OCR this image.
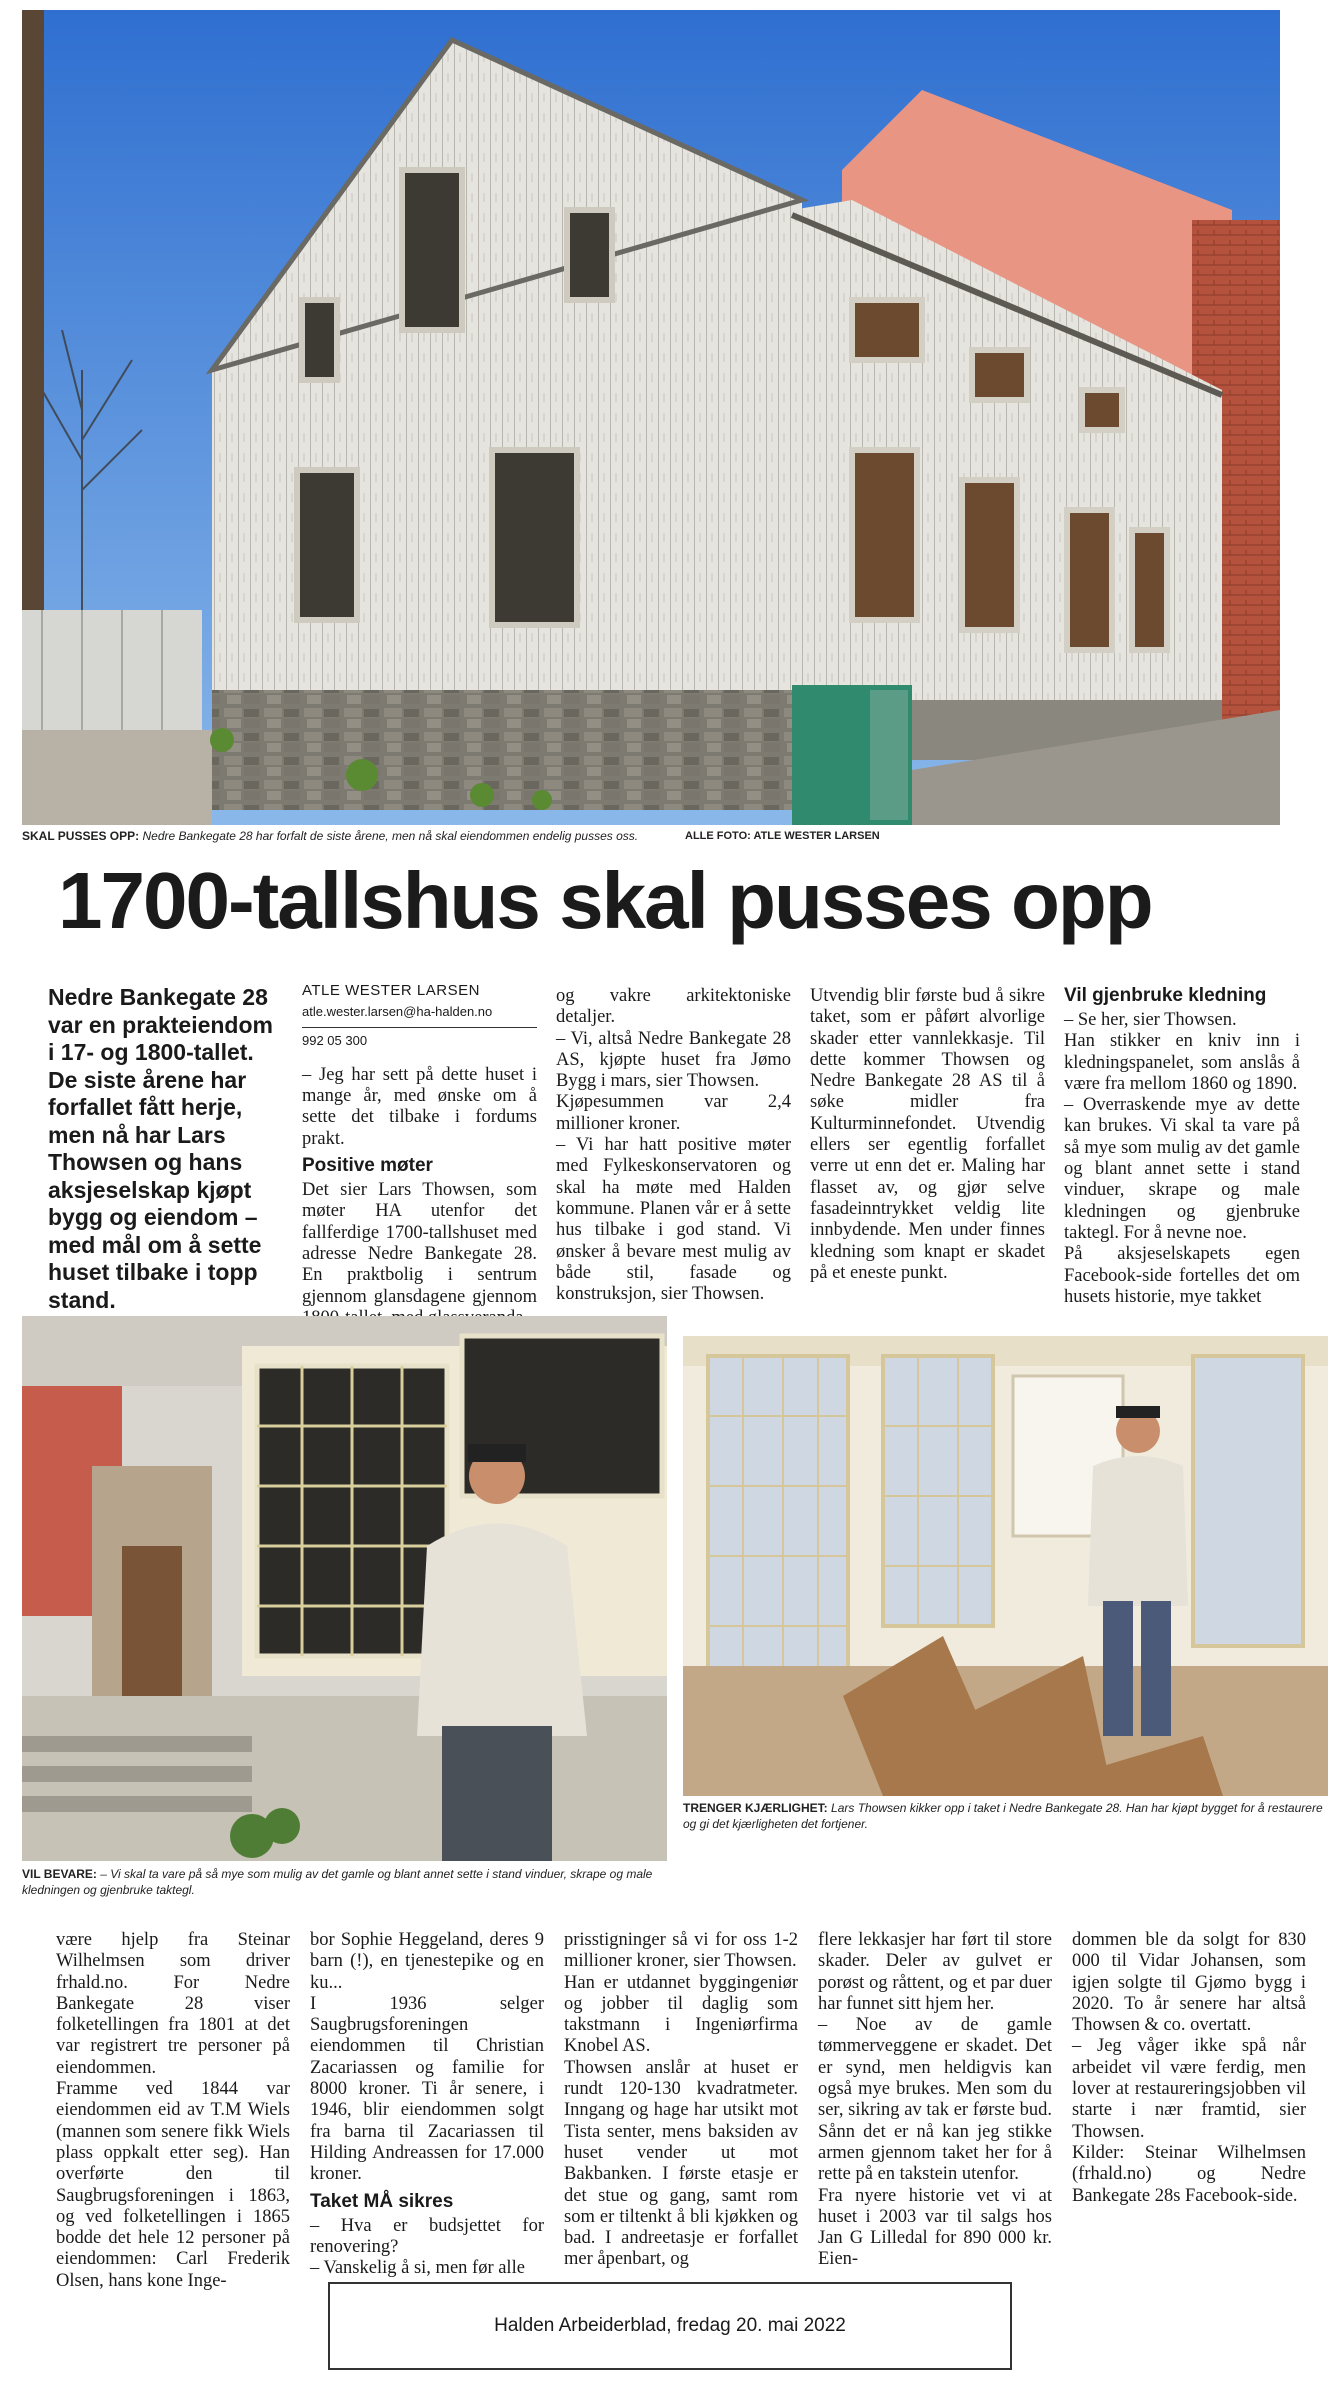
SKAL PUSSES OPP: Nedre Bankegate 28 har forfalt de siste årene, men nå skal eiendommen endelig pusses oss.	ALLE FOTO: ATLE WESTER LARSEN
1700-tallshus skal pusses opp
Nedre Bankegate 28 var en prakteiendom i 17- og 1800-tallet. De siste årene har forfallet fått herje, men nå har Lars Thowsen og hans aksjeselskap kjøpt bygg og eiendom – med mål om å sette huset tilbake i topp stand.
ATLE WESTER LARSEN
atle.wester.larsen@ha-halden.no
992 05 300

– Jeg har sett på dette huset i mange år, med ønske om å sette det tilbake i fordums prakt.

Positive møter

Det sier Lars Thowsen, som møter HA utenfor det fallferdige 1700-tallshuset med adresse Nedre Bankegate 28. En praktbolig i sentrum gjennom glansdagene gjennom

og vakre arkitektoniske detaljer.

– Vi, altså Nedre Bankegate 28 AS, kjøpte huset fra Jømo Bygg i mars, sier Thowsen.

Kjøpesummen var 2,4 millioner kroner.

– Vi har hatt positive møter med Fylkeskonservatoren og skal ha møte med Halden kommune. Planen vår er å sette hus tilbake i god stand. Vi ønsker å bevare mest mulig av både stil, fasade og konstruksjon, sier Thowsen.

Utvendig blir første bud å sikre taket, som er påført alvorlige skader etter vannlekkasje. Til dette kommer Thowsen og Nedre Bankegate 28 AS til å søke midler fra Kulturminnefondet. Utvendig ellers ser egentlig forfallet verre ut enn det er. Maling har flasset av, og gjør selve fasadeinntrykket veldig lite innbydende. Men under finnes kledning som knapt er skadet på et eneste punkt.

Vil gjenbruke kledning

– Se her, sier Thowsen.

Han stikker en kniv inn i kledningspanelet, som anslås å være fra mellom 1860 og 1890.

– Overraskende mye av dette kan brukes. Vi skal ta vare på så mye som mulig av det gamle og blant annet sette i stand vinduer, skrape og male kledningen og gjenbruke taktegl. For å nevne noe.

På aksjeselskapets egen Facebook-side fortelles det om husets historie, mye takket

VIL BEVARE: – Vi skal ta vare på så mye som mulig av det gamle og blant annet sette i stand vinduer, skrape og male kledningen og gjenbruke taktegl.
TRENGER KJÆRLIGHET: Lars Thowsen kikker opp i taket i Nedre Bankegate 28. Han har kjøpt bygget for å restaurere og gi det kjærligheten det fortjener.

være hjelp fra Steinar Wilhelmsen som driver frhald.no. For Nedre Bankegate 28 viser folketellingen fra 1801 at det var registrert tre personer på eiendommen.

Framme ved 1844 var eiendommen eid av T.M Wiels (mannen som senere fikk Wiels plass oppkalt etter seg). Han overførte den til Saugbrugsforeningen i 1863, og ved folketellingen i 1865 bodde det hele 12 personer på eiendommen: Carl Frederik Olsen, hans kone Inge-

bor Sophie Heggeland, deres 9 barn (!), en tjenestepike og en ku...

I 1936 selger Saugbrugsforeningen eiendommen til Christian Zacariassen og familie for 8000 kroner. Ti år senere, i 1946, blir eiendommen solgt fra barna til Zacariassen til Hilding Andreassen for 17.000 kroner.

Taket MÅ sikres

– Hva er budsjettet for renovering?

– Vanskelig å si, men før alle

prisstigninger så vi for oss 1-2 millioner kroner, sier Thowsen.

Han er utdannet byggingeniør og jobber til daglig som takstmann i Ingeniørfirma Knobel AS.

Thowsen anslår at huset er rundt 120-130 kvadratmeter. Inngang og hage har utsikt mot Tista senter, mens baksiden av huset vender ut mot Bakbanken. I første etasje er det stue og gang, samt rom som er tiltenkt å bli kjøkken og bad. I andreetasje er forfallet mer åpenbart, og

flere lekkasjer har ført til store skader. Deler av gulvet er porøst og råttent, og et par duer har funnet sitt hjem her.

– Noe av de gamle tømmerveggene er skadet. Det er synd, men heldigvis kan også mye brukes. Men som du ser, sikring av tak er første bud. Sånn det er nå kan jeg stikke armen gjennom taket her for å rette på en takstein utenfor.

Fra nyere historie vet vi at huset i 2003 var til salgs hos Jan G Lilledal for 890 000 kr. Eien-

dommen ble da solgt for 830 000 til Vidar Johansen, som igjen solgte til Gjømo bygg i 2020. To år senere har altså Thowsen & co. overtatt.

– Jeg våger ikke spå når arbeidet vil være ferdig, men lover at restaureringsjobben vil starte i nær framtid, sier Thowsen.

Kilder: Steinar Wilhelmsen (frhald.no) og Nedre Bankegate 28s Facebook-side.

Halden Arbeiderblad, fredag 20. mai 2022
